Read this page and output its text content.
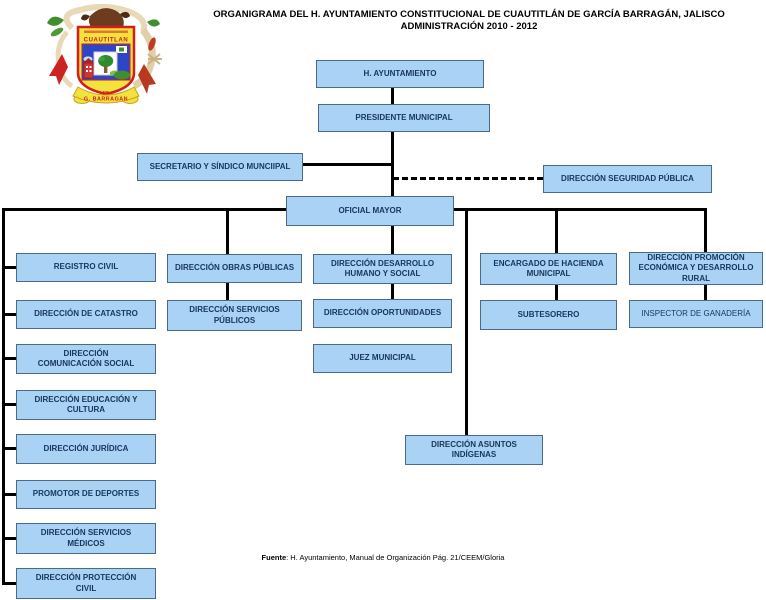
ORGANIGRAMA DEL H. AYUNTAMIENTO CONSTITUCIONAL DE CUAUTITLÁN DE GARCÍA BARRAGÁN, JALISCO
ADMINISTRACIÓN 2010 - 2012
CUAUTITLAN
DE
G. BARRAGAN
H. AYUNTAMIENTO
PRESIDENTE MUNICIPAL
SECRETARIO Y SÍNDICO MUNCIIPAL
DIRECCIÓN SEGURIDAD PÚBLICA
OFICIAL MAYOR
REGISTRO CIVIL
DIRECCIÓN DE CATASTRO
DIRECCIÓN COMUNICACIÓN SOCIAL
DIRECCIÓN EDUCACIÓN Y CULTURA
DIRECCIÓN JURÍDICA
PROMOTOR DE DEPORTES
DIRECCIÓN SERVICIOS MÉDICOS
DIRECCIÓN PROTECCIÓN CIVIL
DIRECCIÓN OBRAS PÚBLICAS
DIRECCIÓN SERVICIOS PÚBLICOS
DIRECCIÓN DESARROLLO HUMANO Y SOCIAL
DIRECCIÓN OPORTUNIDADES
JUEZ MUNICIPAL
ENCARGADO DE HACIENDA MUNICIPAL
SUBTESORERO
DIRECCIÓN PROMOCIÓN ECONÓMICA Y DESARROLLO RURAL
INSPECTOR DE GANADERÍA
DIRECCIÓN ASUNTOS INDÍGENAS
Fuente: H. Ayuntamiento, Manual de Organización Pág. 21/CEEM/Gloria
